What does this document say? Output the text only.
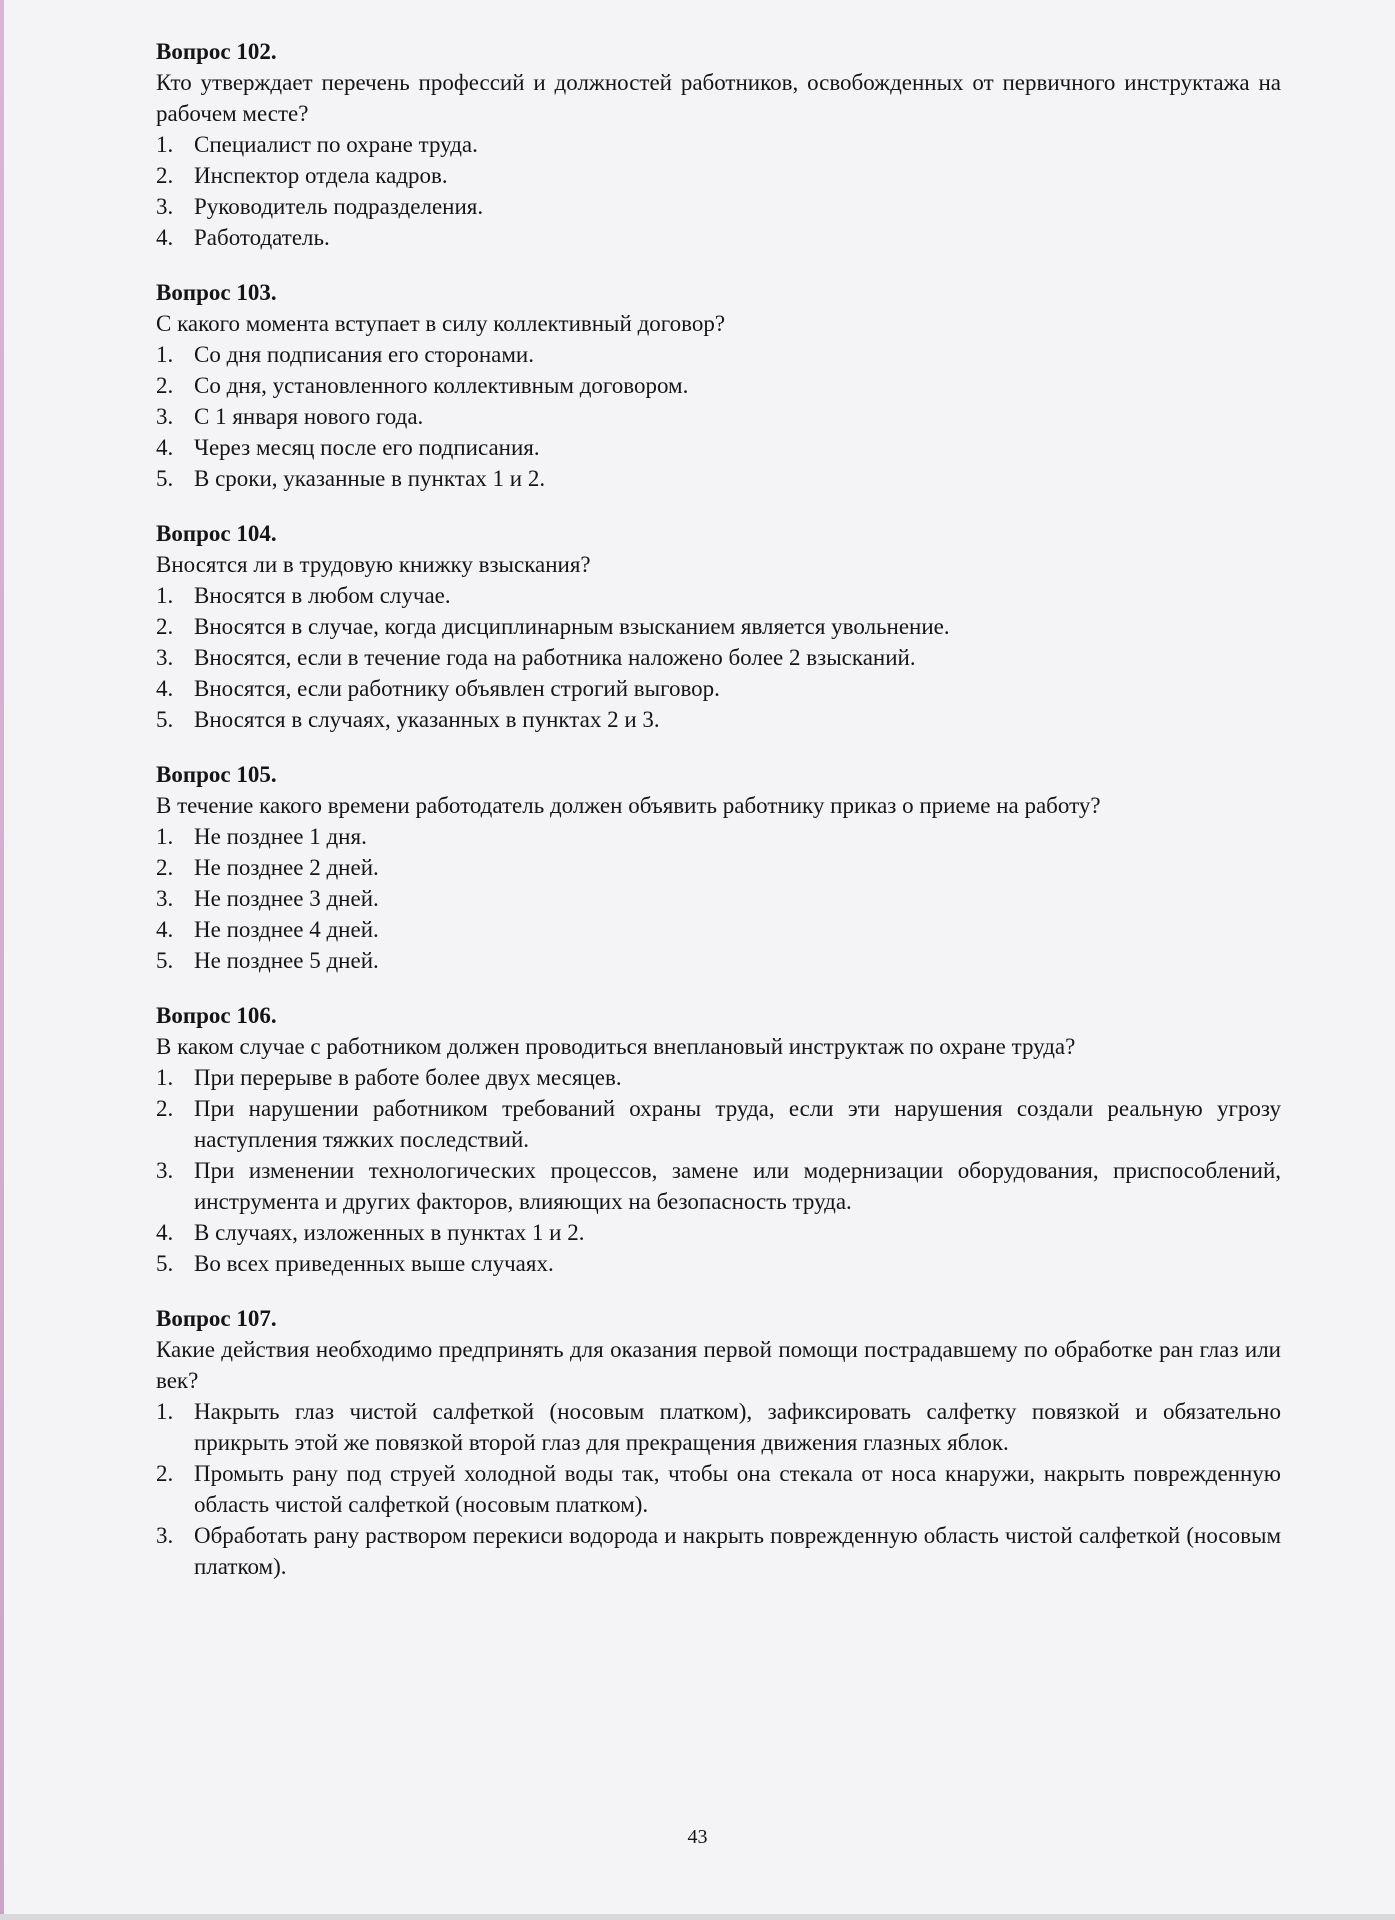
Вопрос 102.
Кто утверждает перечень профессий и должностей работников, освобожденных от первичного инструктажа на рабочем месте?
1. Специалист по охране труда.
2. Инспектор отдела кадров.
3. Руководитель подразделения.
4. Работодатель.
Вопрос 103.
С какого момента вступает в силу коллективный договор?
1. Со дня подписания его сторонами.
2. Со дня, установленного коллективным договором.
3. С 1 января нового года.
4. Через месяц после его подписания.
5. В сроки, указанные в пунктах 1 и 2.
Вопрос 104.
Вносятся ли в трудовую книжку взыскания?
1. Вносятся в любом случае.
2. Вносятся в случае, когда дисциплинарным взысканием является увольнение.
3. Вносятся, если в течение года на работника наложено более 2 взысканий.
4. Вносятся, если работнику объявлен строгий выговор.
5. Вносятся в случаях, указанных в пунктах 2 и 3.
Вопрос 105.
В течение какого времени работодатель должен объявить работнику приказ о приеме на работу?
1. Не позднее 1 дня.
2. Не позднее 2 дней.
3. Не позднее 3 дней.
4. Не позднее 4 дней.
5. Не позднее 5 дней.
Вопрос 106.
В каком случае с работником должен проводиться внеплановый инструктаж по охране труда?
1. При перерыве в работе более двух месяцев.
2. При нарушении работником требований охраны труда, если эти нарушения создали реальную угрозу наступления тяжких последствий.
3. При изменении технологических процессов, замене или модернизации оборудования, приспособлений, инструмента и других факторов, влияющих на безопасность труда.
4. В случаях, изложенных в пунктах 1 и 2.
5. Во всех приведенных выше случаях.
Вопрос 107.
Какие действия необходимо предпринять для оказания первой помощи пострадавшему по обработке ран глаз или век?
1. Накрыть глаз чистой салфеткой (носовым платком), зафиксировать салфетку повязкой и обязательно прикрыть этой же повязкой второй глаз для прекращения движения глазных яблок.
2. Промыть рану под струей холодной воды так, чтобы она стекала от носа кнаружи, накрыть поврежденную область чистой салфеткой (носовым платком).
3. Обработать рану раствором перекиси водорода и накрыть поврежденную область чистой салфеткой (носовым платком).
43
